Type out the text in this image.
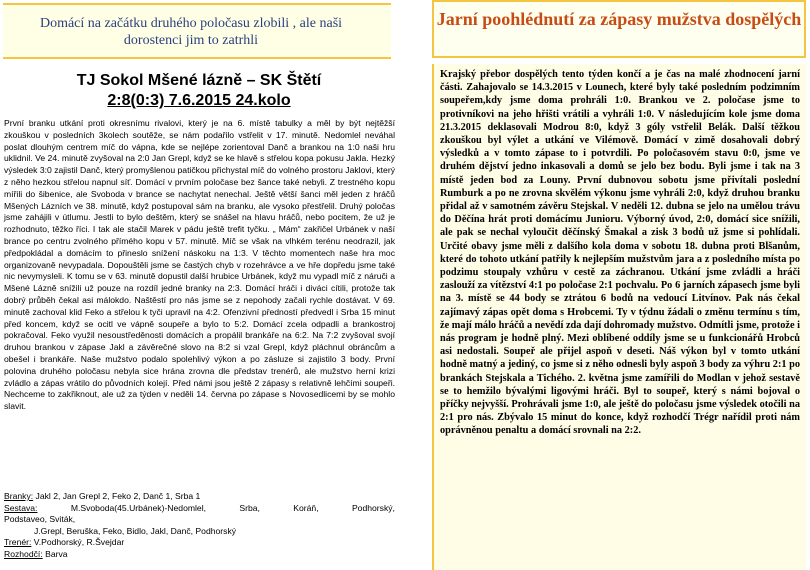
Domácí na začátku druhého poločasu zlobili , ale naši dorostenci jim to zatrhli
TJ Sokol Mšené lázně – SK Štětí
2:8(0:3) 7.6.2015 24.kolo

První branku utkání proti okresnímu rivalovi, který je na 6. místě tabulky a měl by být nejtěžší zkouškou v posledních 3kolech soutěže, se nám podařilo vstřelit v 17. minutě. Nedomlel neváhal poslat dlouhým centrem míč do vápna, kde se nejlépe zorientoval Danč a brankou na 1:0 naši hru uklidnil. Ve 24. minutě zvyšoval na 2:0 Jan Grepl, když se ke hlavě s střelou kopa pokusu Jakla. Hezký výsledek 3:0 zajistil Danč, který promyšlenou patičkou přichystal míč do volného prostoru Jaklovi, který z něho hezkou střelou napnul síť. Domácí v prvním poločase bez šance také nebyli. Z trestného kopu mířili do šibenice, ale Svoboda v brance se nachytat nenechal. Ještě větší šanci měl jeden z hráčů Mšených Lázních ve 38. minutě, když postupoval sám na branku, ale vysoko přestřelil. Druhý poločas jsme zahájili v útlumu. Jestli to bylo deštěm, který se snášel na hlavu hráčů, nebo pocitem, že už je rozhodnuto, těžko říci. I tak ale stačil Marek v pádu ještě trefit tyčku. „ Mám“ zakřičel Urbánek v naší brance po centru zvolného přímého kopu v 57. minutě. Míč se však na vlhkém terénu neodrazil, jak předpokládal a domácím to přineslo snížení náskoku na 1:3. V těchto momentech naše hra moc organizovaně nevypadala. Dopouštěli jsme se častých chyb v rozehrávce a ve hře dopředu jsme také nic nevymysleli. K tomu se v 63. minutě dopustil další hrubice Urbánek, když mu vypadl míč z náruči a Mšené Lázně snížili už pouze na rozdíl jedné branky na 2:3. Domácí hráči i diváci cítili, protože tak dobrý průběh čekal asi málokdo. Naštěstí pro nás jsme se z nepohody začali rychle dostávat. V 69. minutě zachoval klid Feko a střelou k tyči upravil na 4:2. Ofenzivní předností předvedl i Srba 15 minut před koncem, když se ocitl ve vápně soupeře a bylo to 5:2. Domácí zcela odpadli a brankostroj pokračoval. Feko využil nesoustředěnosti domácích a propálil brankáře na 6:2. Na 7:2 zvyšoval svojí druhou brankou v zápase Jakl a závěrečné slovo na 8:2 si vzal Grepl, když pláchnul obráncům a obešel i brankáře. Naše mužstvo podalo spolehlivý výkon a po zásluze si zajistilo 3 body. První polovina druhého poločasu nebyla sice hrána zrovna dle představ trenérů, ale mužstvo herní krizi zvládlo a zápas vrátilo do původních kolejí. Před námi jsou ještě 2 zápasy s relativně lehčími soupeři. Nechceme to zakřiknout, ale už za týden v neděli 14. června po zápase s Novosedlicemi by se mohlo slavit.

Branky: Jakl 2, Jan Grepl 2, Feko 2, Danč 1, Srba 1
Sestava:	M.Svoboda(45.Urbánek)-Nedomlel,	Srba,	Koráň,	Podhorský,
Podstaveo, Sviták,
J.Grepl, Beruška, Feko, Bidlo, Jakl, Danč, Podhorský
Trenér: V.Podhorský, R.Švejdar
Rozhodčí: Barva
Jarní poohlédnutí za zápasy mužstva dospělých
Krajský přebor dospělých tento týden končí a je čas na malé zhodnocení jarní části. Zahajovalo se 14.3.2015 v Lounech, které byly také posledním podzimním soupeřem,kdy jsme doma prohráli 1:0. Brankou ve 2. poločase jsme to protivníkovi na jeho hřišti vrátili a vyhráli 1:0. V následujícím kole jsme doma 21.3.2015 deklasovali Modrou 8:0, když 3 góly vstřelil Belák. Další těžkou zkouškou byl výlet a utkání ve Vilémově. Domácí v zimě dosahovali dobrý výsledků a v tomto zápase to i potvrdili. Po poločasovém stavu 0:0, jsme ve druhém dějství jedno inkasovali a domů se jelo bez bodu. Byli jsme i tak na 3 místě jeden bod za Louny. První dubnovou sobotu jsme přivítali poslední Rumburk a po ne zrovna skvělém výkonu jsme vyhráli 2:0, když druhou branku přidal až v samotném závěru Stejskal. V neděli 12. dubna se jelo na umělou trávu do Děčína hrát proti domácímu Junioru. Výborný úvod, 2:0, domácí sice snížili, ale pak se nechal vyloučit děčínský Šmakal a zisk 3 bodů už jsme si pohlídali. Určité obavy jsme měli z dalšího kola doma v sobotu 18. dubna proti Blšanům, které do tohoto utkání patřily k nejlepším mužstvům jara a z posledního místa po podzimu stoupaly vzhůru v cestě za záchranou. Utkání jsme zvládli a hráči zaslouží za vítězství 4:1 po poločase 2:1 pochvalu. Po 6 jarních zápasech jsme byli na 3. místě se 44 body se ztrátou 6 bodů na vedoucí Litvínov. Pak nás čekal zajímavý zápas opět doma s Hrobcemi. Ty v týdnu žádali o změnu termínu s tím, že mají málo hráčů a nevědí zda dají dohromady mužstvo. Odmítli jsme, protože i nás program je hodně plný. Mezi oblíbené oddíly jsme se u funkcionářů Hrobců asi nedostali. Soupeř ale přijel aspoň v deseti. Náš výkon byl v tomto utkání hodně matný a jediný, co jsme si z něho odnesli byly aspoň 3 body za výhru 2:1 po brankách Stejskala a Tichého. 2. května jsme zamířili do Modlan v jehož sestavě se to hemžilo bývalými ligovými hráči. Byl to soupeř, který s námi bojoval o příčky nejvyšší. Prohrávali jsme 1:0, ale ještě do poločasu jsme výsledek otočili na 2:1 pro nás. Zbývalo 15 minut do konce, když rozhodčí Trégr nařídil proti nám oprávněnou penaltu a domácí srovnali na 2:2.
